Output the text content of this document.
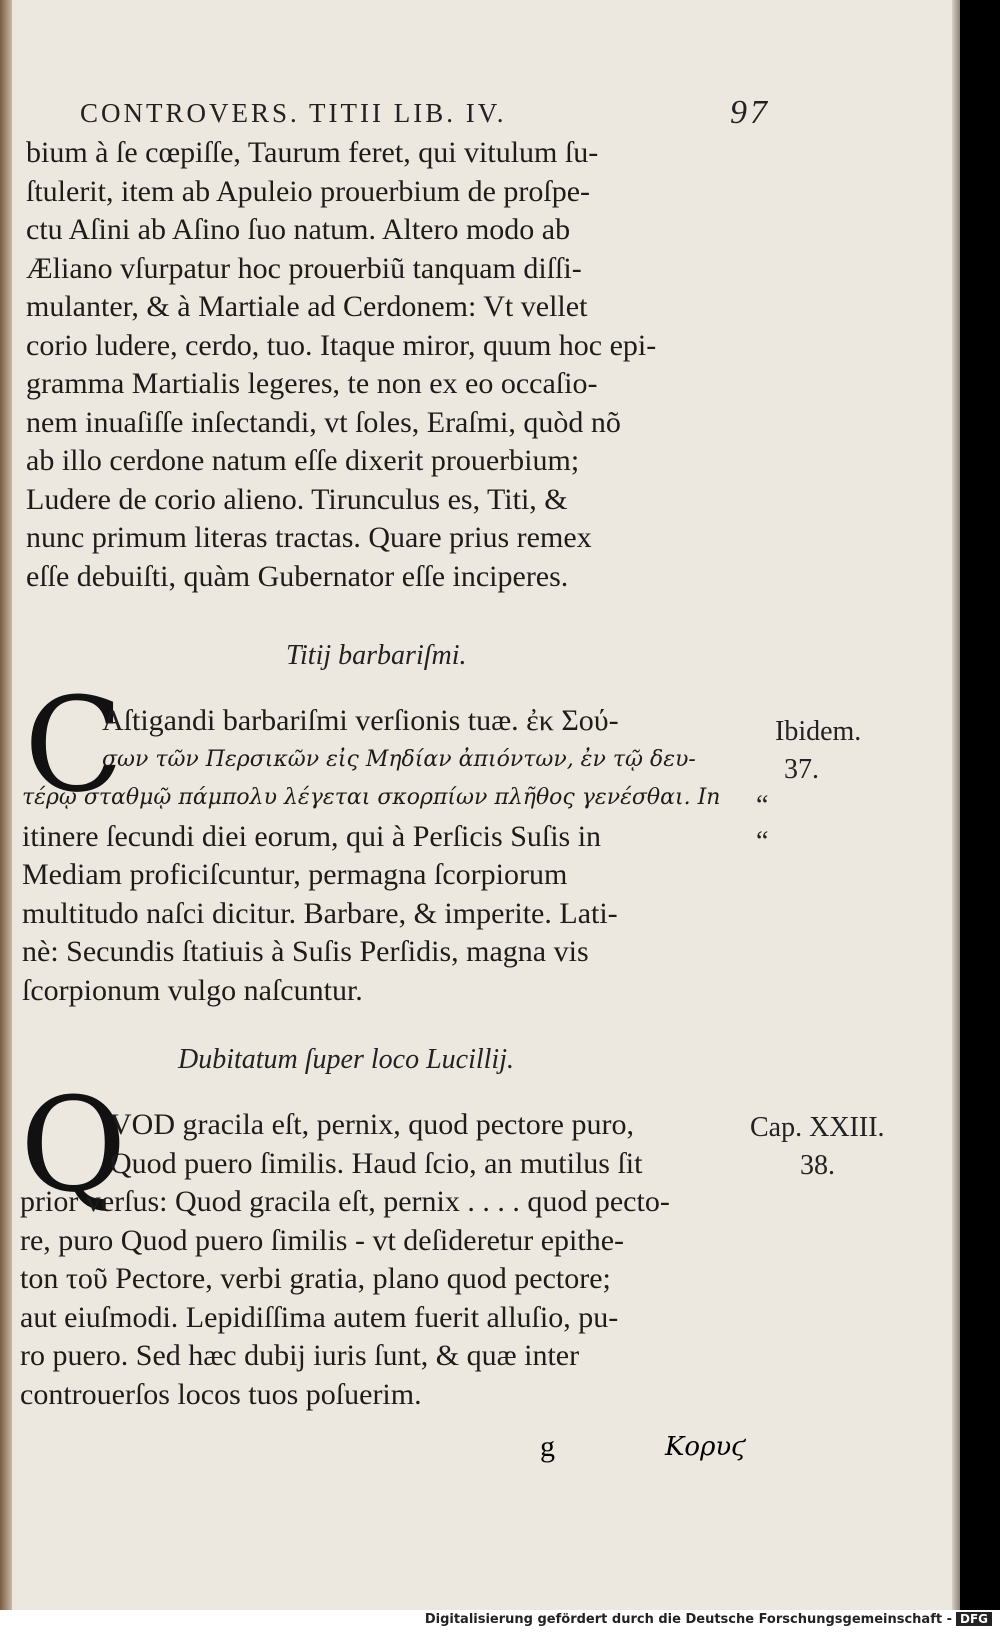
CONTROVERS. TITII LIB. IV.	97
bium à ſe cœpiſſe, Taurum feret, qui vitulum ſu-
ſtulerit, item ab Apuleio prouerbium de proſpe-
ctu Aſini ab Aſino ſuo natum. Altero modo ab
Æliano vſurpatur hoc prouerbiũ tanquam diſſi-
mulanter, & à Martiale ad Cerdonem: Vt vellet
corio ludere, cerdo, tuo. Itaque miror, quum hoc epi-
gramma Martialis legeres, te non ex eo occaſio-
nem inuaſiſſe inſectandi, vt ſoles, Eraſmi, quòd nõ
ab illo cerdone natum eſſe dixerit prouerbium;
Ludere de corio alieno. Tirunculus es, Titi, &
nunc primum literas tractas. Quare prius remex
eſſe debuiſti, quàm Gubernator eſſe inciperes.
Titij barbariſmi.
C
Aſtigandi barbariſmi verſionis tuæ. ἐκ Σού-
σων τῶν Περσικῶν εἰς Μηδίαν ἀπιόντων, ἐν τῷ δευ-
τέρῳ σταθμῷ πάμπολυ λέγεται σκορπίων πλῆθος γενέσθαι. In
itinere ſecundi diei eorum, qui à Perſicis Suſis in
Mediam proficiſcuntur, permagna ſcorpiorum
multitudo naſci dicitur. Barbare, & imperite. Lati-
nè: Secundis ſtatiuis à Suſis Perſidis, magna vis
ſcorpionum vulgo naſcuntur.
Ibidem.
37.
“
“
Dubitatum ſuper loco Lucillij.
Q
VOD gracila eſt, pernix, quod pectore puro,
Quod puero ſimilis. Haud ſcio, an mutilus ſit
prior verſus: Quod gracila eſt, pernix . . . . quod pecto-
re, puro Quod puero ſimilis - vt deſideretur epithe-
ton τοῦ Pectore, verbi gratia, plano quod pectore;
aut eiuſmodi. Lepidiſſima autem fuerit alluſio, pu-
ro puero. Sed hæc dubij iuris ſunt, & quæ inter
controuerſos locos tuos poſuerim.
Cap. XXIII.
38.
g	Κορυϛ
Digitalisierung gefördert durch die Deutsche Forschungsgemeinschaft - DFG
